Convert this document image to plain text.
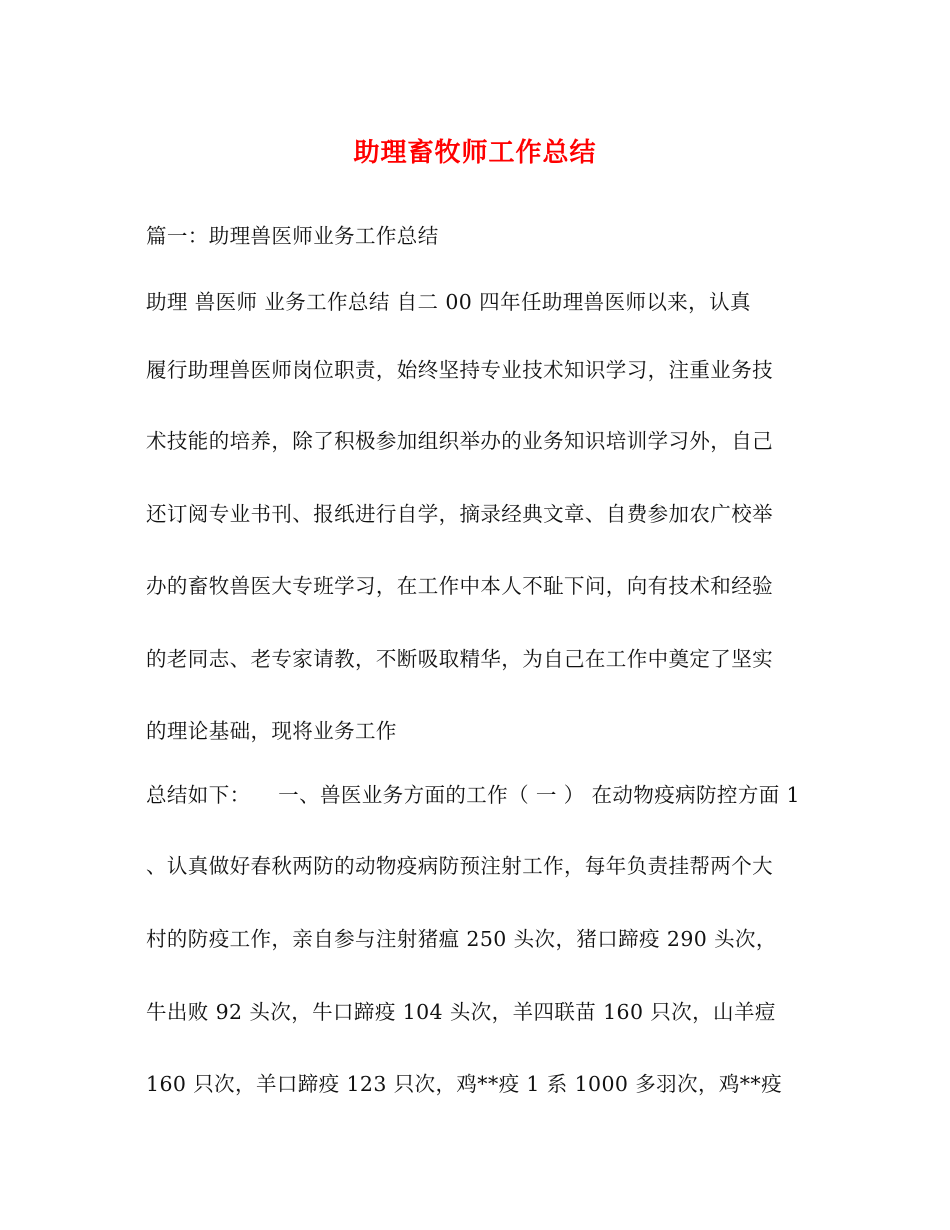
助理畜牧师工作总结
篇一：助理兽医师业务工作总结
助理 兽医师 业务工作总结 自二 00 四年任助理兽医师以来，认真
履行助理兽医师岗位职责，始终坚持专业技术知识学习，注重业务技
术技能的培养，除了积极参加组织举办的业务知识培训学习外，自己
还订阅专业书刊、报纸进行自学，摘录经典文章、自费参加农广校举
办的畜牧兽医大专班学习，在工作中本人不耻下问，向有技术和经验
的老同志、老专家请教，不断吸取精华，为自己在工作中奠定了坚实
的理论基础，现将业务工作
总结如下：    一、兽医业务方面的工作（ 一 ） 在动物疫病防控方面 1
、认真做好春秋两防的动物疫病防预注射工作，每年负责挂帮两个大
村的防疫工作，亲自参与注射猪瘟 250 头次，猪口蹄疫 290 头次，
牛出败 92 头次，牛口蹄疫 104 头次，羊四联苗 160 只次，山羊痘
160 只次，羊口蹄疫 123 只次，鸡**疫 1 系 1000 多羽次，鸡**疫
